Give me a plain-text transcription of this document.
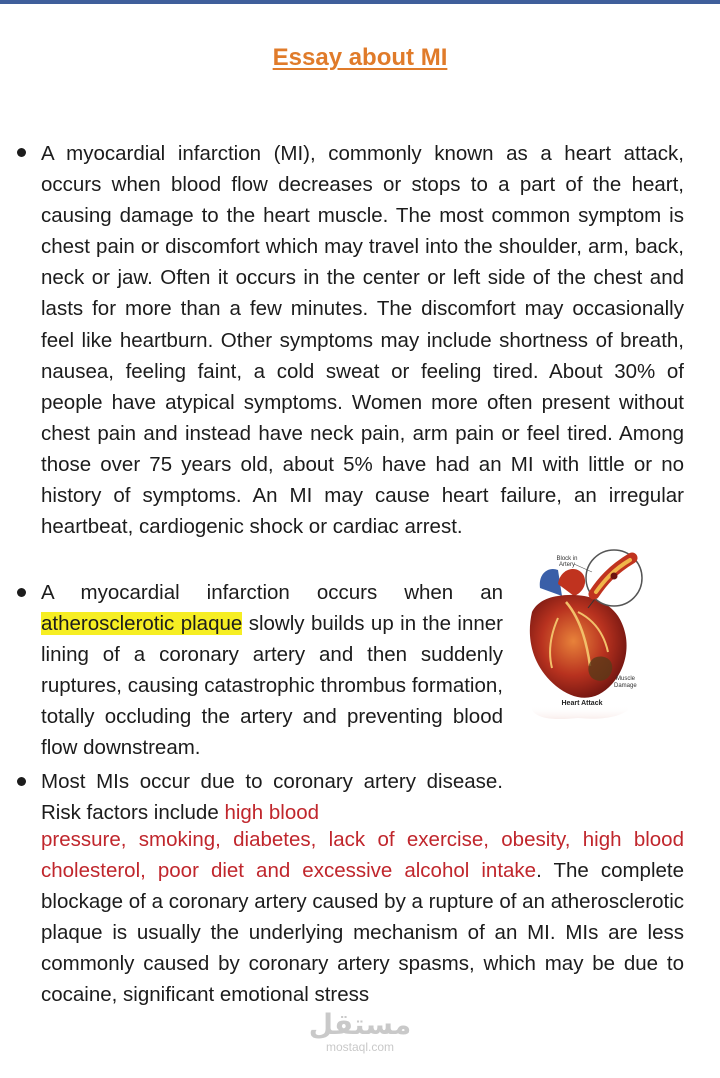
Essay about MI

A myocardial infarction (MI), commonly known as a heart attack, occurs when blood flow decreases or stops to a part of the heart, causing damage to the heart muscle. The most common symptom is chest pain or discomfort which may travel into the shoulder, arm, back, neck or jaw. Often it occurs in the center or left side of the chest and lasts for more than a few minutes. The discomfort may occasionally feel like heartburn. Other symptoms may include shortness of breath, nausea, feeling faint, a cold sweat or feeling tired. About 30% of people have atypical symptoms. Women more often present without chest pain and instead have neck pain, arm pain or feel tired. Among those over 75 years old, about 5% have had an MI with little or no history of symptoms. An MI may cause heart failure, an irregular heartbeat, cardiogenic shock or cardiac arrest.

A myocardial infarction occurs when an atherosclerotic plaque slowly builds up in the inner lining of a coronary artery and then suddenly ruptures, causing catastrophic thrombus formation, totally occluding the artery and preventing blood flow downstream.

Most MIs occur due to coronary artery disease. Risk factors include high blood

pressure, smoking, diabetes, lack of exercise, obesity, high blood cholesterol, poor diet and excessive alcohol intake. The complete blockage of a coronary artery caused by a rupture of an atherosclerotic plaque is usually the underlying mechanism of an MI. MIs are less commonly caused by coronary artery spasms, which may be due to cocaine, significant emotional stress

Block in
Artery
Muscle
Damage
Heart Attack
مستقل
mostaql.com
